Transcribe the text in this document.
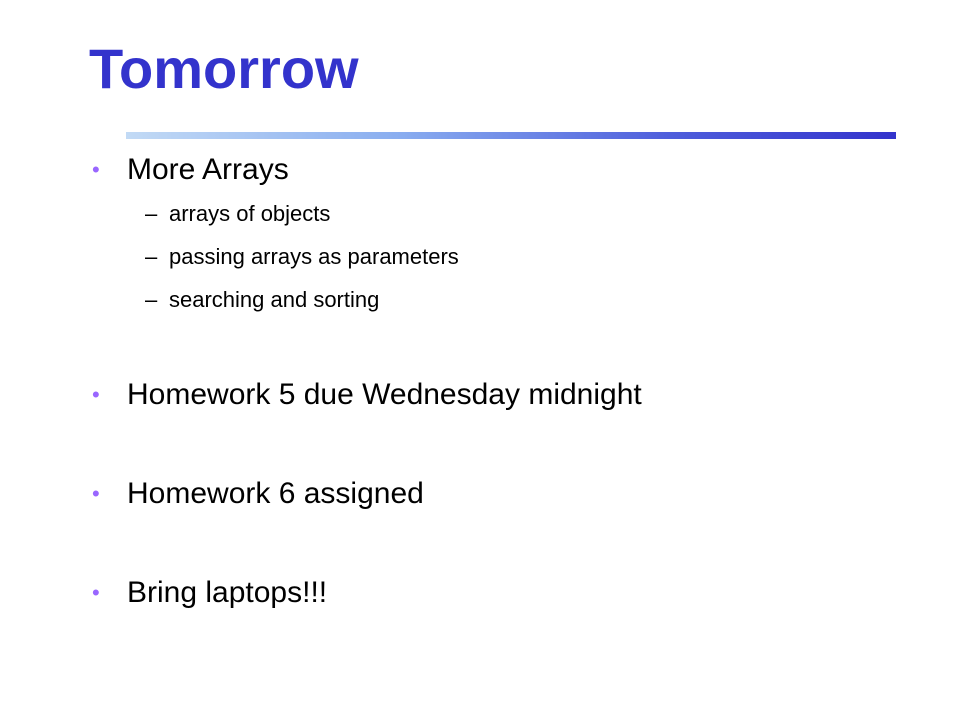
Tomorrow
• More Arrays
– arrays of objects
– passing arrays as parameters
– searching and sorting
• Homework 5 due Wednesday midnight
• Homework 6 assigned
• Bring laptops!!!
